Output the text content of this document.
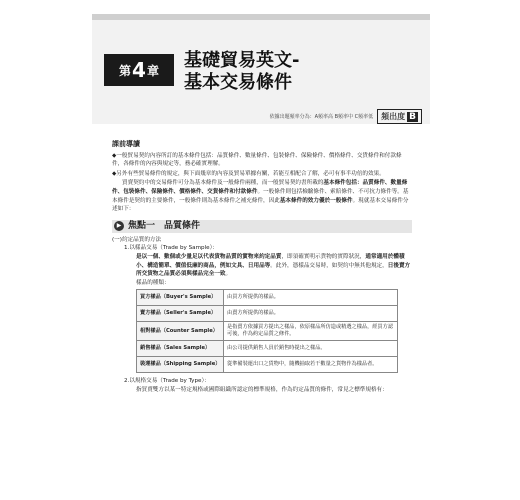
第 4 章 基礎貿易英文-
基本交易條件
依據出題頻率分為：A頻率高 B頻率中 C頻率低 頻出度 B
課前導讀

◆一般貿易契約內容所訂的基本條件包括：品質條件、數量條件、包裝條件、保險條件、價格條件、交貨條件和付款條件，各條件的內容與規定等，務必確實理解。

◆另外有些貿易條件的規定，與下面幾章的內容及貿易單據有關，若能互相配合了解，必可有事半功倍的效果。

買賣契約中的交易條件可分為基本條件及一般條件兩種，而一般貿易契約書所載的基本條件包括：品質條件、數量條件、包裝條件、保險條件、價格條件、交貨條件和付款條件。一般條件則包括檢驗條件、索賠條件、不可抗力條件等。基本條件是契約的主要條件，一般條件則為基本條件之補充條件，因此基本條件的效力優於一般條件。現就基本交易條件分述如下：

▶ 焦點一　品質條件
(一)約定品質的方法
1.以樣品交易（Trade by Sample）：
是以一個、數個或少量足以代表貨物品質的實物來約定品質，即須確實明示貨物的實際狀況，通常適用於體積小、構造簡單、價值低廉的商品，例如文具、日用品等。此外，憑樣品交易時，如契約中無其他規定，日後賣方所交貨物之品質必須與樣品完全一致。
樣品的種類：
買方樣品（Buyer's Sample）	由買方所提供的樣品。
賣方樣品（Seller's Sample）	由賣方所提供的樣品。
相對樣品（Counter Sample）	是指賣方依據買方提出之樣品，依原樣品所仿造或精選之樣品，經買方認可後，作為約定品質之條件。
銷售樣品（Sales Sample）	由公司提供銷售人員於銷售時提出之樣品。
裝運樣品（Shipping Sample）	從準備裝運出口之貨物中，隨機抽取若干數量之貨物作為樣品者。
2.以規格交易（Trade by Type）：
指買賣雙方以某一特定規格或國際組織所認定的標準規格，作為約定品質的條件，常見之標準規格有：
